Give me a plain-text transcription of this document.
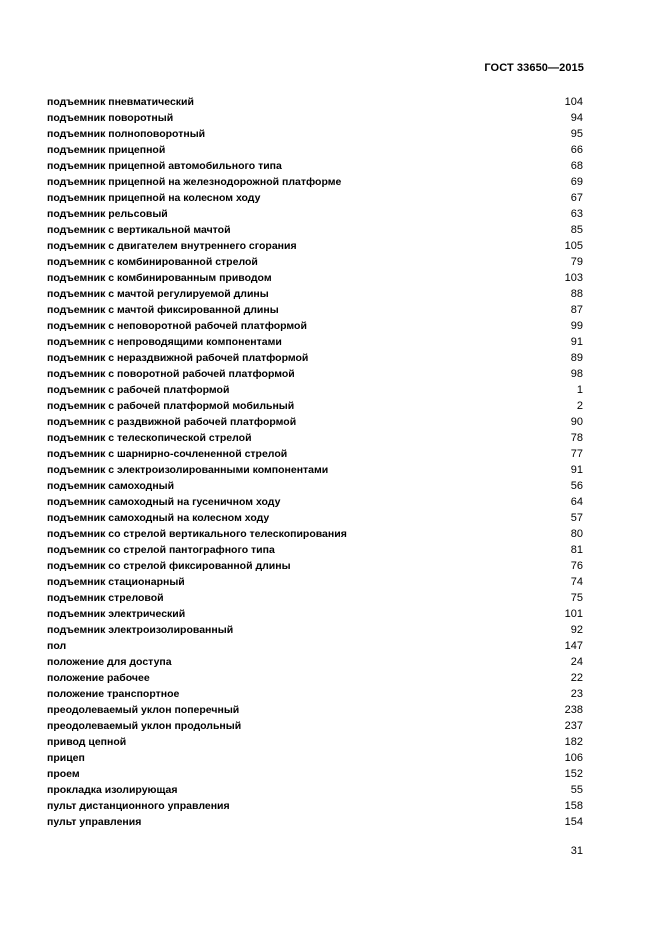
ГОСТ 33650—2015
подъемник пневматический	104
подъемник поворотный	94
подъемник полноповоротный	95
подъемник прицепной	66
подъемник прицепной автомобильного типа	68
подъемник прицепной на железнодорожной платформе	69
подъемник прицепной на колесном ходу	67
подъемник рельсовый	63
подъемник с вертикальной мачтой	85
подъемник с двигателем внутреннего сгорания	105
подъемник с комбинированной стрелой	79
подъемник с комбинированным приводом	103
подъемник с мачтой регулируемой длины	88
подъемник с мачтой фиксированной длины	87
подъемник с неповоротной рабочей платформой	99
подъемник с непроводящими компонентами	91
подъемник с нераздвижной рабочей платформой	89
подъемник с поворотной рабочей платформой	98
подъемник с рабочей платформой	1
подъемник с рабочей платформой мобильный	2
подъемник с раздвижной рабочей платформой	90
подъемник с телескопической стрелой	78
подъемник с шарнирно-сочлененной стрелой	77
подъемник с электроизолированными компонентами	91
подъемник самоходный	56
подъемник самоходный на гусеничном ходу	64
подъемник самоходный на колесном ходу	57
подъемник со стрелой вертикального телескопирования	80
подъемник со стрелой пантографного типа	81
подъемник со стрелой фиксированной длины	76
подъемник стационарный	74
подъемник стреловой	75
подъемник электрический	101
подъемник электроизолированный	92
пол	147
положение для доступа	24
положение рабочее	22
положение транспортное	23
преодолеваемый уклон поперечный	238
преодолеваемый уклон продольный	237
привод цепной	182
прицеп	106
проем	152
прокладка изолирующая	55
пульт дистанционного управления	158
пульт управления	154
31
